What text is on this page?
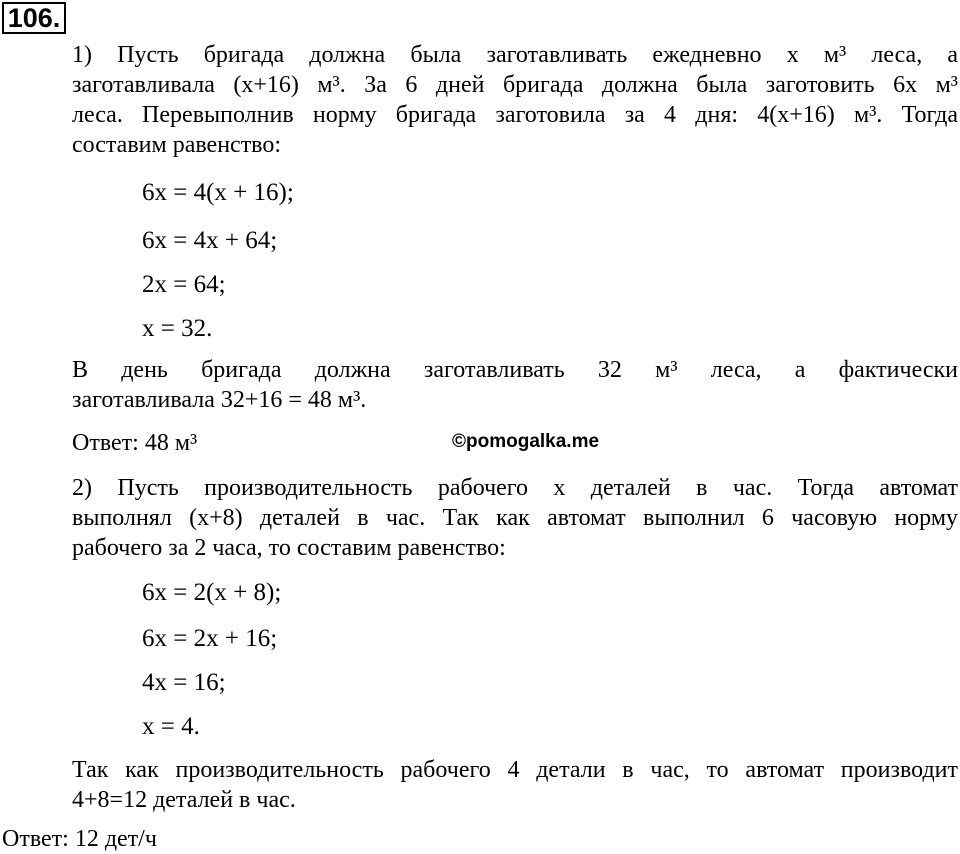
106.
1) Пусть бригада должна была заготавливать ежедневно x м³ леса, а
заготавливала (x+16) м³. За 6 дней бригада должна была заготовить 6x м³
леса. Перевыполнив норму бригада заготовила за 4 дня: 4(x+16) м³. Тогда
составим равенство:
6x = 4(x + 16);
6x = 4x + 64;
2x = 64;
x = 32.
В день бригада должна заготавливать 32 м³ леса, а фактически
заготавливала 32+16 = 48 м³.
Ответ: 48 м³	©pomogalka.me
2) Пусть производительность рабочего x деталей в час. Тогда автомат
выполнял (x+8) деталей в час. Так как автомат выполнил 6 часовую норму
рабочего за 2 часа, то составим равенство:
6x = 2(x + 8);
6x = 2x + 16;
4x = 16;
x = 4.
Так как производительность рабочего 4 детали в час, то автомат производит
4+8=12 деталей в час.
Ответ: 12 дет/ч
